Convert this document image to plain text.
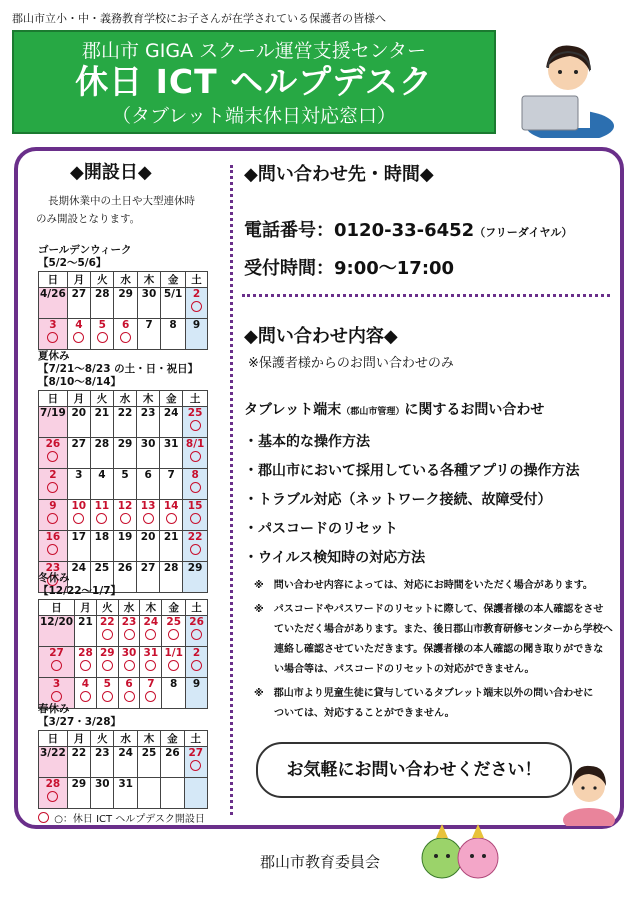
郡山市立小・中・義務教育学校にお子さんが在学されている保護者の皆様へ
郡山市 GIGA スクール運営支援センター
休日 ICT ヘルプデスク
（タブレット端末休日対応窓口）
◆開設日◆
長期休業中の土日や大型連休時
のみ開設となります。
ゴールデンウィーク
【5/2～5/6】
日	月	火	水	木	金	土
4/26	27	28	29	30	5/1	2

3	4	5	6	7	8	9
夏休み
【7/21～8/23 の土・日・祝日】
【8/10～8/14】
日	月	火	水	木	金	土
7/19	20	21	22	23	24	25

26	27	28	29	30	31	8/1

2	3	4	5	6	7	8

9	10	11	12	13	14	15

16	17	18	19	20	21	22

23	24	25	26	27	28	29
冬休み
【12/22～1/7】
日	月	火	水	木	金	土
12/20	21	22	23	24	25	26

27	28	29	30	31	1/1	2

3	4	5	6	7	8	9
春休み
【3/27・3/28】
日	月	火	水	木	金	土
3/22	22	23	24	25	26	27

28	29	30	31			
○：休日 ICT ヘルプデスク開設日
◆問い合わせ先・時間◆
電話番号：0120-33-6452（フリーダイヤル）
受付時間：9:00～17:00
◆問い合わせ内容◆
※保護者様からのお問い合わせのみ
タブレット端末（郡山市管理）に関するお問い合わせ
・基本的な操作方法
・郡山市において採用している各種アプリの操作方法
・トラブル対応（ネットワーク接続、故障受付）
・パスコードのリセット
・ウイルス検知時の対応方法
※　問い合わせ内容によっては、対応にお時間をいただく場合があります。
※　パスコードやパスワードのリセットに際して、保護者様の本人確認をさせ
ていただく場合があります。また、後日郡山市教育研修センターから学校へ
連絡し確認させていただきます。保護者様の本人確認の聞き取りができな
い場合等は、パスコードのリセットの対応ができません。
※　郡山市より児童生徒に貸与しているタブレット端末以外の問い合わせに
ついては、対応することができません。
お気軽にお問い合わせください！
郡山市教育委員会
